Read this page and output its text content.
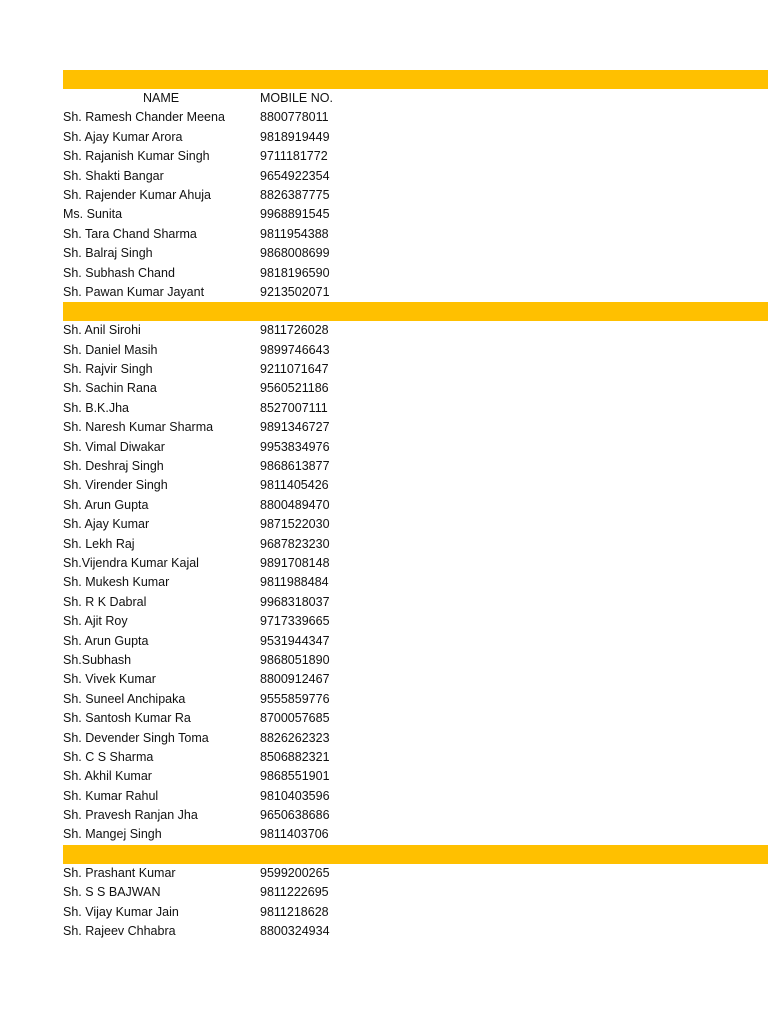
NAME	MOBILE NO.
Sh. Ramesh Chander Meena	8800778011
Sh. Ajay Kumar Arora	9818919449
Sh. Rajanish Kumar Singh	9711181772
Sh. Shakti Bangar	9654922354
Sh. Rajender Kumar Ahuja	8826387775
Ms. Sunita	9968891545
Sh. Tara Chand Sharma	9811954388
Sh. Balraj Singh	9868008699
Sh. Subhash Chand	9818196590
Sh. Pawan Kumar Jayant	9213502071
Sh. Anil Sirohi	9811726028
Sh. Daniel Masih	9899746643
Sh. Rajvir Singh	9211071647
Sh. Sachin Rana	9560521186
Sh. B.K.Jha	8527007111
Sh. Naresh Kumar Sharma	9891346727
Sh. Vimal Diwakar	9953834976
Sh. Deshraj Singh	9868613877
Sh. Virender Singh	9811405426
Sh. Arun Gupta	8800489470
Sh. Ajay Kumar	9871522030
Sh. Lekh Raj	9687823230
Sh.Vijendra Kumar Kajal	9891708148
Sh. Mukesh Kumar	9811988484
Sh. R K Dabral	9968318037
Sh. Ajit Roy	9717339665
Sh. Arun Gupta	9531944347
Sh.Subhash	9868051890
Sh. Vivek Kumar	8800912467
Sh. Suneel Anchipaka	9555859776
Sh. Santosh Kumar Ra	8700057685
Sh. Devender Singh Toma	8826262323
Sh. C S Sharma	8506882321
Sh. Akhil Kumar	9868551901
Sh. Kumar Rahul	9810403596
Sh. Pravesh Ranjan Jha	9650638686
Sh. Mangej Singh	9811403706
Sh. Prashant Kumar	9599200265
Sh. S S BAJWAN	9811222695
Sh. Vijay Kumar Jain	9811218628
Sh. Rajeev Chhabra	8800324934
